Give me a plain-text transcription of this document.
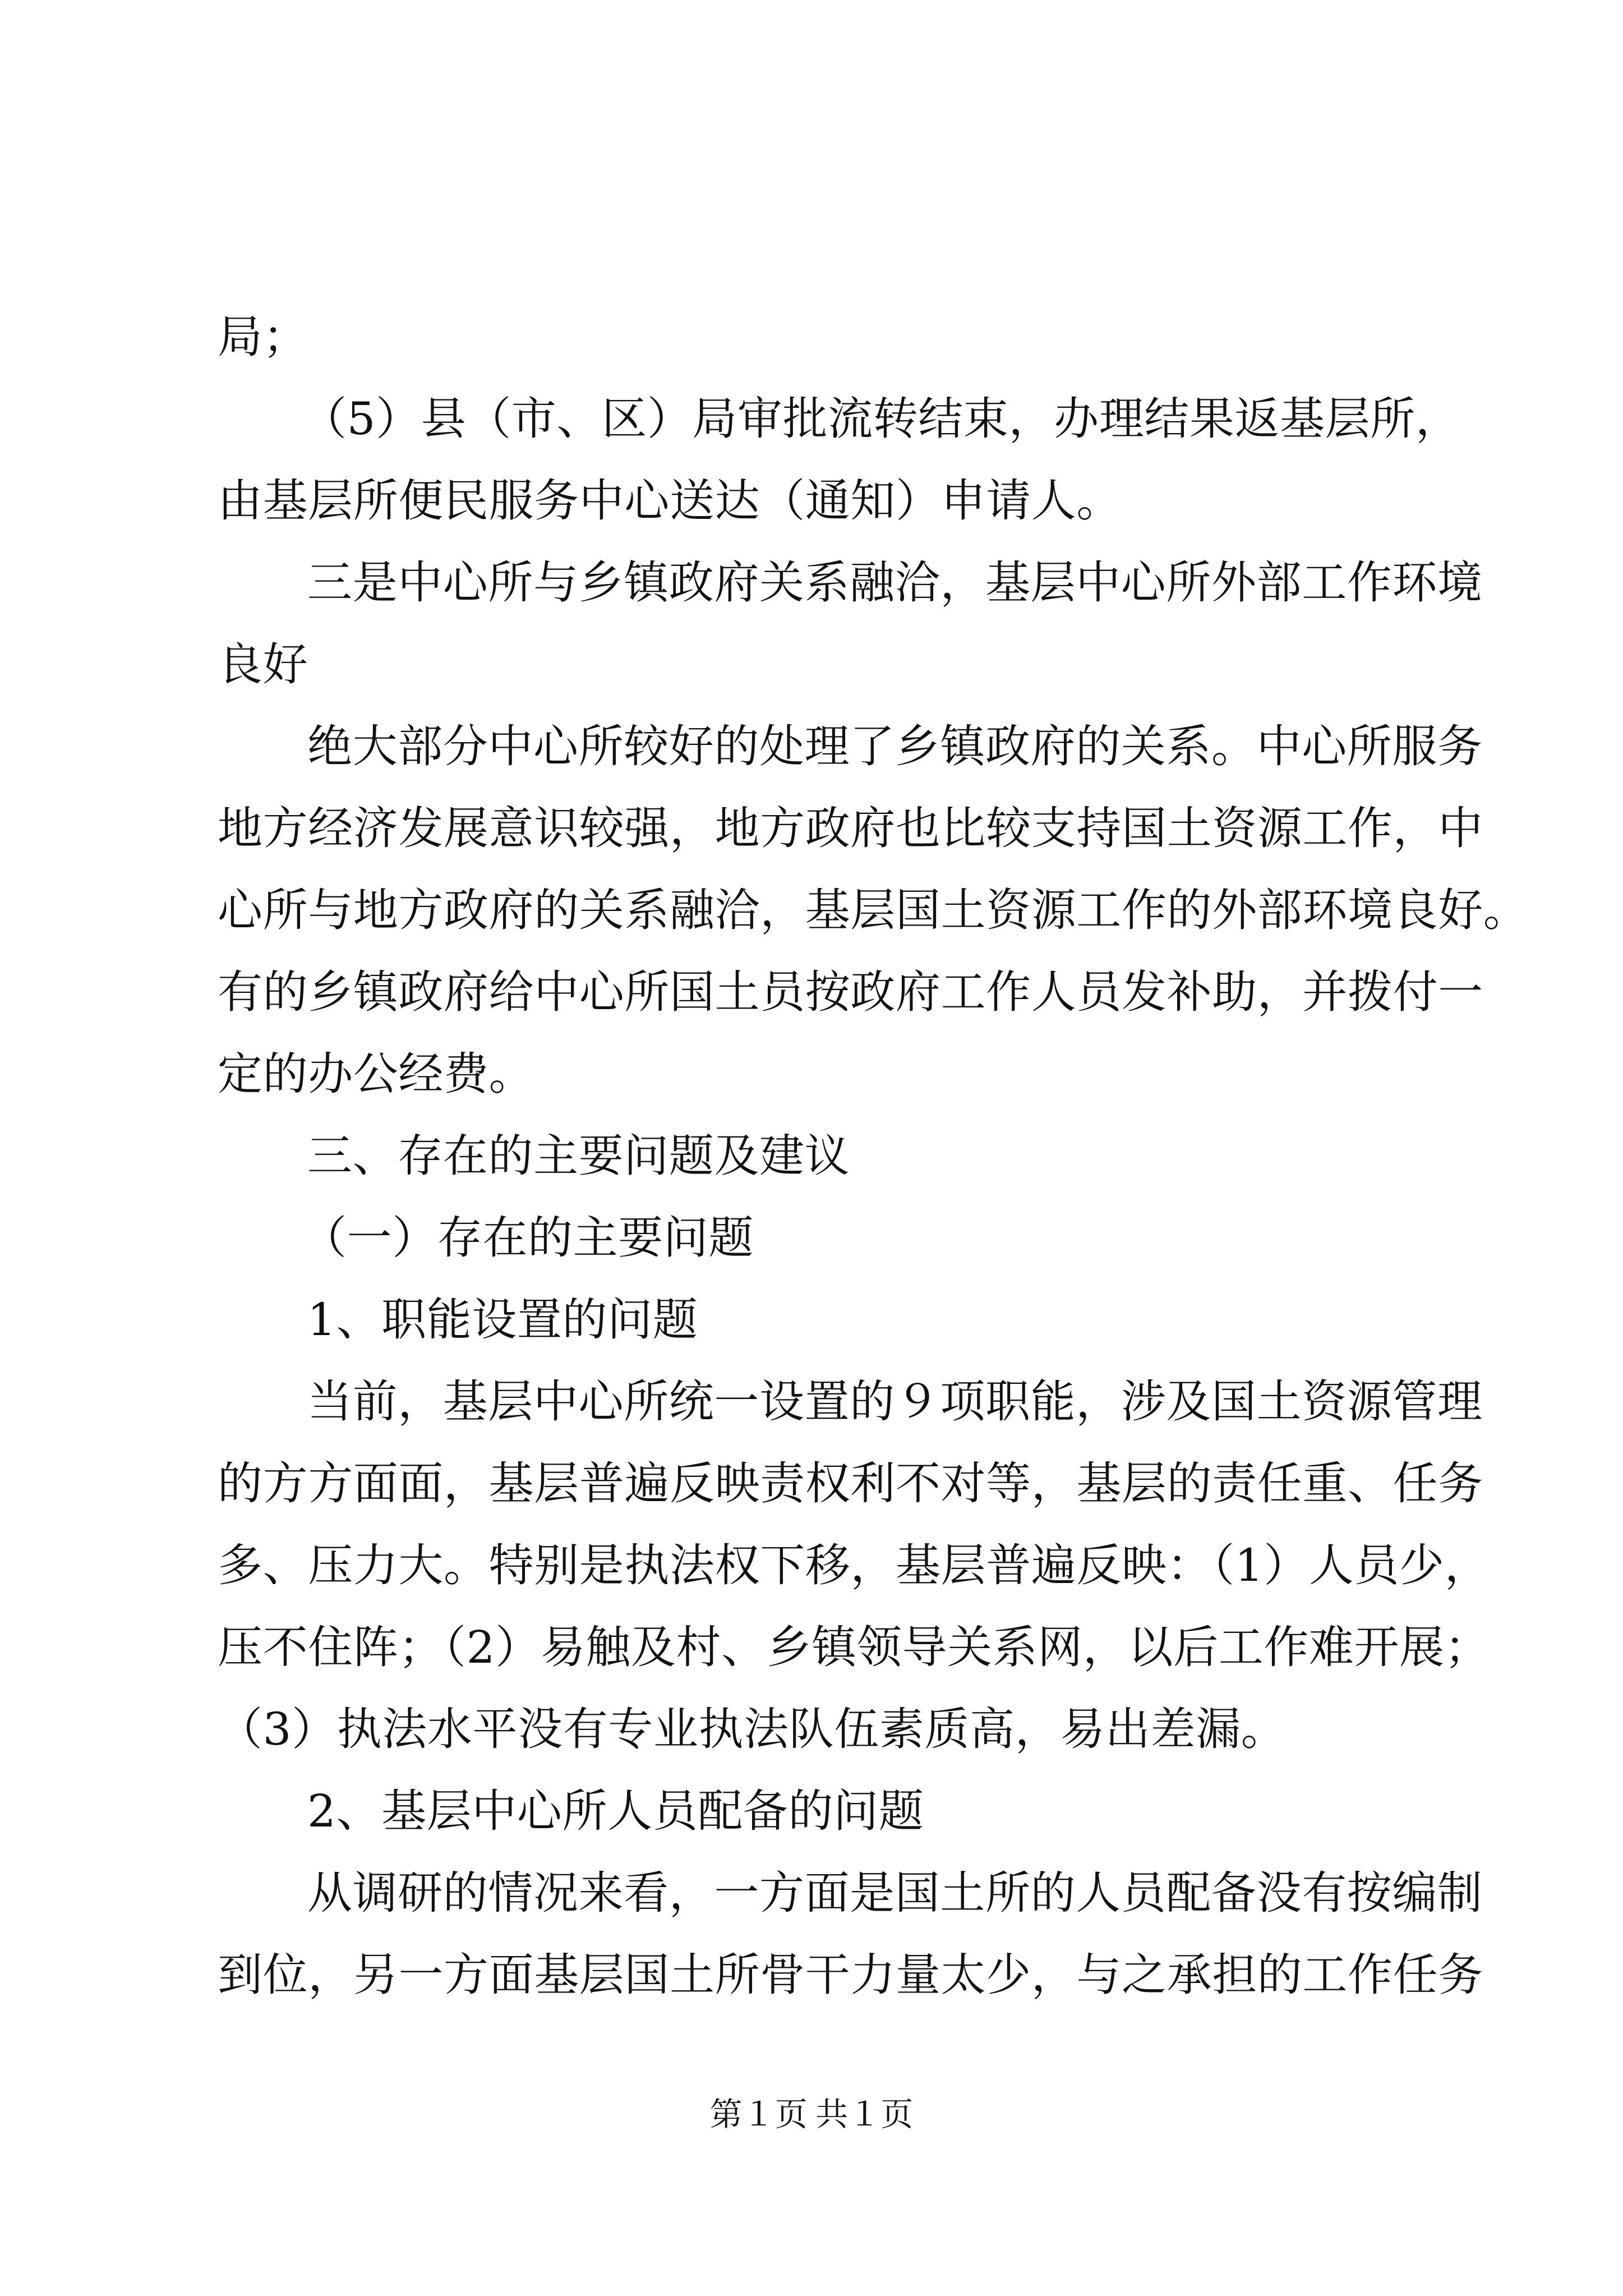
局；
（5）县（市、区）局审批流转结束，办理结果返基层所，
由基层所便民服务中心送达（通知）申请人。
三是中心所与乡镇政府关系融洽，基层中心所外部工作环境
良好
绝大部分中心所较好的处理了乡镇政府的关系。中心所服务
地方经济发展意识较强，地方政府也比较支持国土资源工作，中
心所与地方政府的关系融洽，基层国土资源工作的外部环境良好。
有的乡镇政府给中心所国土员按政府工作人员发补助，并拨付一
定的办公经费。
三、存在的主要问题及建议
（一）存在的主要问题
1、职能设置的问题
当前，基层中心所统一设置的９项职能，涉及国土资源管理
的方方面面，基层普遍反映责权利不对等，基层的责任重、任务
多、压力大。特别是执法权下移，基层普遍反映：（1）人员少，
压不住阵；（2）易触及村、乡镇领导关系网，以后工作难开展；
（3）执法水平没有专业执法队伍素质高，易出差漏。
2、基层中心所人员配备的问题
从调研的情况来看，一方面是国土所的人员配备没有按编制
到位，另一方面基层国土所骨干力量太少，与之承担的工作任务
第１页 共１页
